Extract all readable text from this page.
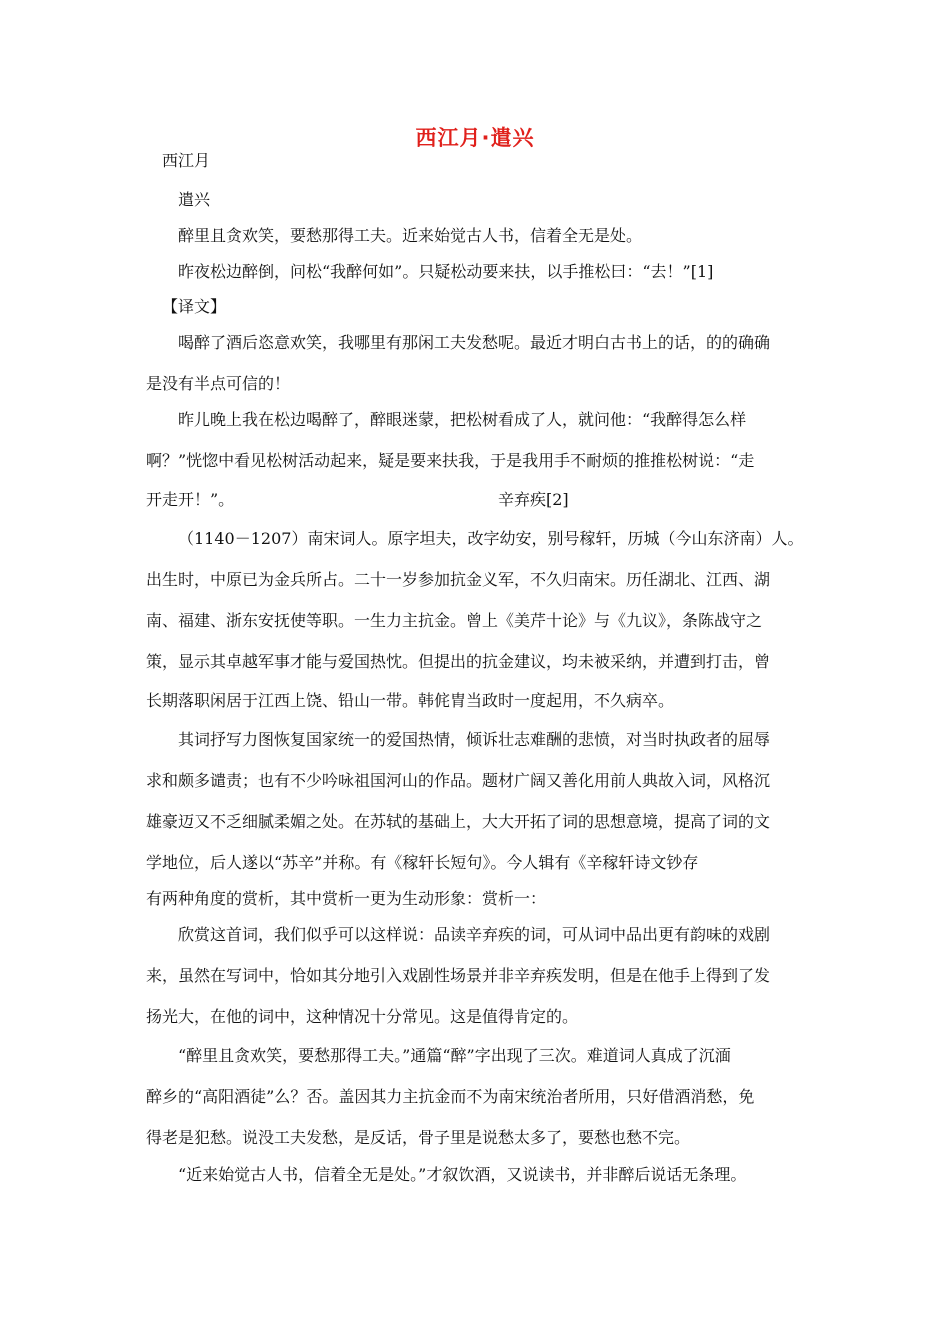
西江月·遣兴
西江月
遣兴
醉里且贪欢笑，要愁那得工夫。近来始觉古人书，信着全无是处。
昨夜松边醉倒，问松“我醉何如”。只疑松动要来扶，以手推松曰：“去！”[1]
【译文】
喝醉了酒后恣意欢笑，我哪里有那闲工夫发愁呢。最近才明白古书上的话，的的确确
是没有半点可信的！
昨儿晚上我在松边喝醉了，醉眼迷蒙，把松树看成了人，就问他：“我醉得怎么样
啊？”恍惚中看见松树活动起来，疑是要来扶我，于是我用手不耐烦的推推松树说：“走
开走开！”。	辛弃疾[2]
（1140－1207）南宋词人。原字坦夫，改字幼安，别号稼轩，历城（今山东济南）人。
出生时，中原已为金兵所占。二十一岁参加抗金义军，不久归南宋。历任湖北、江西、湖
南、福建、浙东安抚使等职。一生力主抗金。曾上《美芹十论》与《九议》，条陈战守之
策，显示其卓越军事才能与爱国热忱。但提出的抗金建议，均未被采纳，并遭到打击，曾
长期落职闲居于江西上饶、铅山一带。韩侂胄当政时一度起用，不久病卒。
其词抒写力图恢复国家统一的爱国热情，倾诉壮志难酬的悲愤，对当时执政者的屈辱
求和颇多谴责；也有不少吟咏祖国河山的作品。题材广阔又善化用前人典故入词，风格沉
雄豪迈又不乏细腻柔媚之处。在苏轼的基础上，大大开拓了词的思想意境，提高了词的文
学地位，后人遂以“苏辛”并称。有《稼轩长短句》。今人辑有《辛稼轩诗文钞存
有两种角度的赏析，其中赏析一更为生动形象：赏析一：
欣赏这首词，我们似乎可以这样说：品读辛弃疾的词，可从词中品出更有韵味的戏剧
来，虽然在写词中，恰如其分地引入戏剧性场景并非辛弃疾发明，但是在他手上得到了发
扬光大，在他的词中，这种情况十分常见。这是值得肯定的。
“醉里且贪欢笑，要愁那得工夫。”通篇“醉”字出现了三次。难道词人真成了沉湎
醉乡的“高阳酒徒”么？否。盖因其力主抗金而不为南宋统治者所用，只好借酒消愁，免
得老是犯愁。说没工夫发愁，是反话，骨子里是说愁太多了，要愁也愁不完。
“近来始觉古人书，信着全无是处。”才叙饮酒，又说读书，并非醉后说话无条理。
